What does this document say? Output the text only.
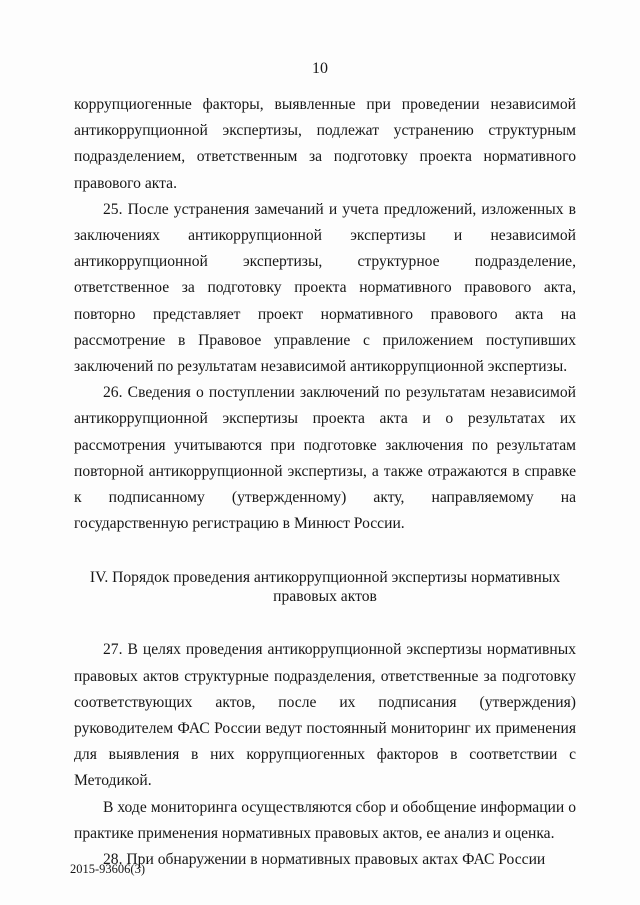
10

коррупциогенные факторы, выявленные при проведении независимой антикоррупционной экспертизы, подлежат устранению структурным подразделением, ответственным за подготовку проекта нормативного правового акта.

25. После устранения замечаний и учета предложений, изложенных в заключениях антикоррупционной экспертизы и независимой антикоррупционной экспертизы, структурное подразделение, ответственное за подготовку проекта нормативного правового акта, повторно представляет проект нормативного правового акта на рассмотрение в Правовое управление с приложением поступивших заключений по результатам независимой антикоррупционной экспертизы.

26. Сведения о поступлении заключений по результатам независимой антикоррупционной экспертизы проекта акта и о результатах их рассмотрения учитываются при подготовке заключения по результатам повторной антикоррупционной экспертизы, а также отражаются в справке к подписанному (утвержденному) акту, направляемому на государственную регистрацию в Минюст России.

IV. Порядок проведения антикоррупционной экспертизы нормативных
правовых актов

27. В целях проведения антикоррупционной экспертизы нормативных правовых актов структурные подразделения, ответственные за подготовку соответствующих актов, после их подписания (утверждения) руководителем ФАС России ведут постоянный мониторинг их применения для выявления в них коррупциогенных факторов в соответствии с Методикой.

В ходе мониторинга осуществляются сбор и обобщение информации о практике применения нормативных правовых актов, ее анализ и оценка.

28. При обнаружении в нормативных правовых актах ФАС России

2015-93606(3)
